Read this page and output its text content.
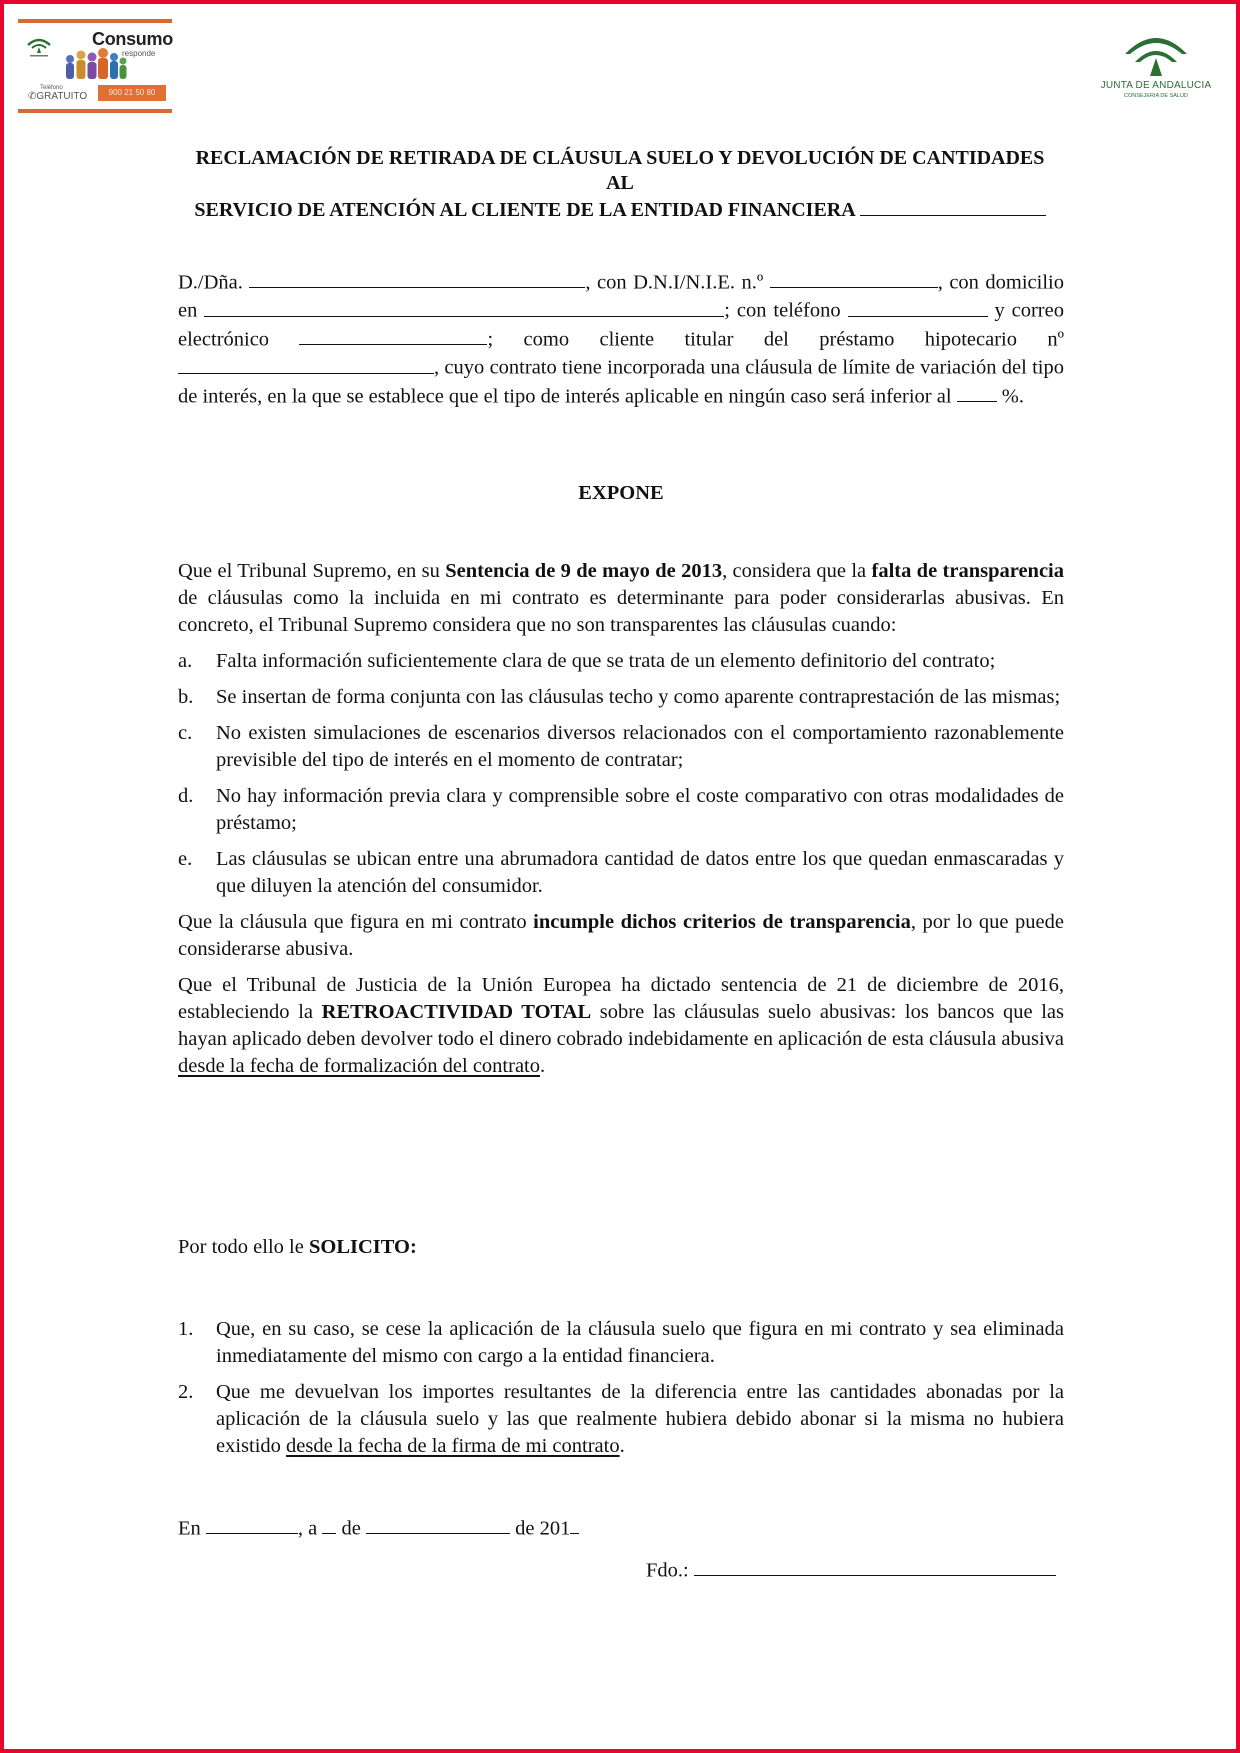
Consumo
responde
Teléfono
✆GRATUITO	900 21 50 80
JUNTA DE ANDALUCIA
CONSEJERIA DE SALUD
RECLAMACIÓN DE RETIRADA DE CLÁUSULA SUELO Y DEVOLUCIÓN DE CANTIDADES
AL
SERVICIO DE ATENCIÓN AL CLIENTE DE LA ENTIDAD FINANCIERA

D./Dña.	, con D.N.I/N.I.E. n.º	, con domicilio en	; con teléfono	y correo electrónico	; como cliente titular del préstamo hipotecario nº , cuyo contrato tiene incorporada una cláusula de límite de variación del tipo de interés, en la que se establece que el tipo de interés aplicable en ningún caso será inferior al  %.

EXPONE

Que el Tribunal Supremo, en su Sentencia de 9 de mayo de 2013, considera que la falta de transparencia de cláusulas como la incluida en mi contrato es determinante para poder considerarlas abusivas. En concreto, el Tribunal Supremo considera que no son transparentes las cláusulas cuando:

a. Falta información suficientemente clara de que se trata de un elemento definitorio del contrato;
b. Se insertan de forma conjunta con las cláusulas techo y como aparente contraprestación de las mismas;
c. No existen simulaciones de escenarios diversos relacionados con el comportamiento razonablemente previsible del tipo de interés en el momento de contratar;
d. No hay información previa clara y comprensible sobre el coste comparativo con otras modalidades de préstamo;
e. Las cláusulas se ubican entre una abrumadora cantidad de datos entre los que quedan enmascaradas y que diluyen la atención del consumidor.

Que la cláusula que figura en mi contrato incumple dichos criterios de transparencia, por lo que puede considerarse abusiva.

Que el Tribunal de Justicia de la Unión Europea ha dictado sentencia de 21 de diciembre de 2016, estableciendo la RETROACTIVIDAD TOTAL sobre las cláusulas suelo abusivas: los bancos que las hayan aplicado deben devolver todo el dinero cobrado indebidamente en aplicación de esta cláusula abusiva desde la fecha de formalización del contrato.

Por todo ello le SOLICITO:
1. Que, en su caso, se cese la aplicación de la cláusula suelo que figura en mi contrato y sea eliminada inmediatamente del mismo con cargo a la entidad financiera.
2. Que me devuelvan los importes resultantes de la diferencia entre las cantidades abonadas por la aplicación de la cláusula suelo y las que realmente hubiera debido abonar si la misma no hubiera existido desde la fecha de la firma de mi contrato.
En	, a  de	de 201
Fdo.:
